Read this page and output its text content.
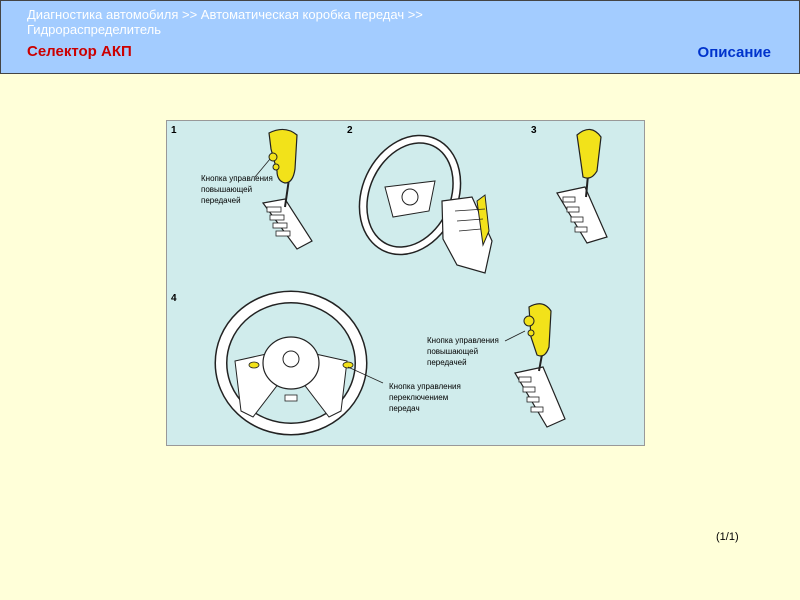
Диагностика автомобиля >> Автоматическая коробка передач >>
Гидрораспределитель
Селектор АКП	Описание
1	2	3
4
Кнопка управления
повышающей
передачей
Кнопка управления
повышающей
передачей
Кнопка управления
переключением
передач
(1/1)
